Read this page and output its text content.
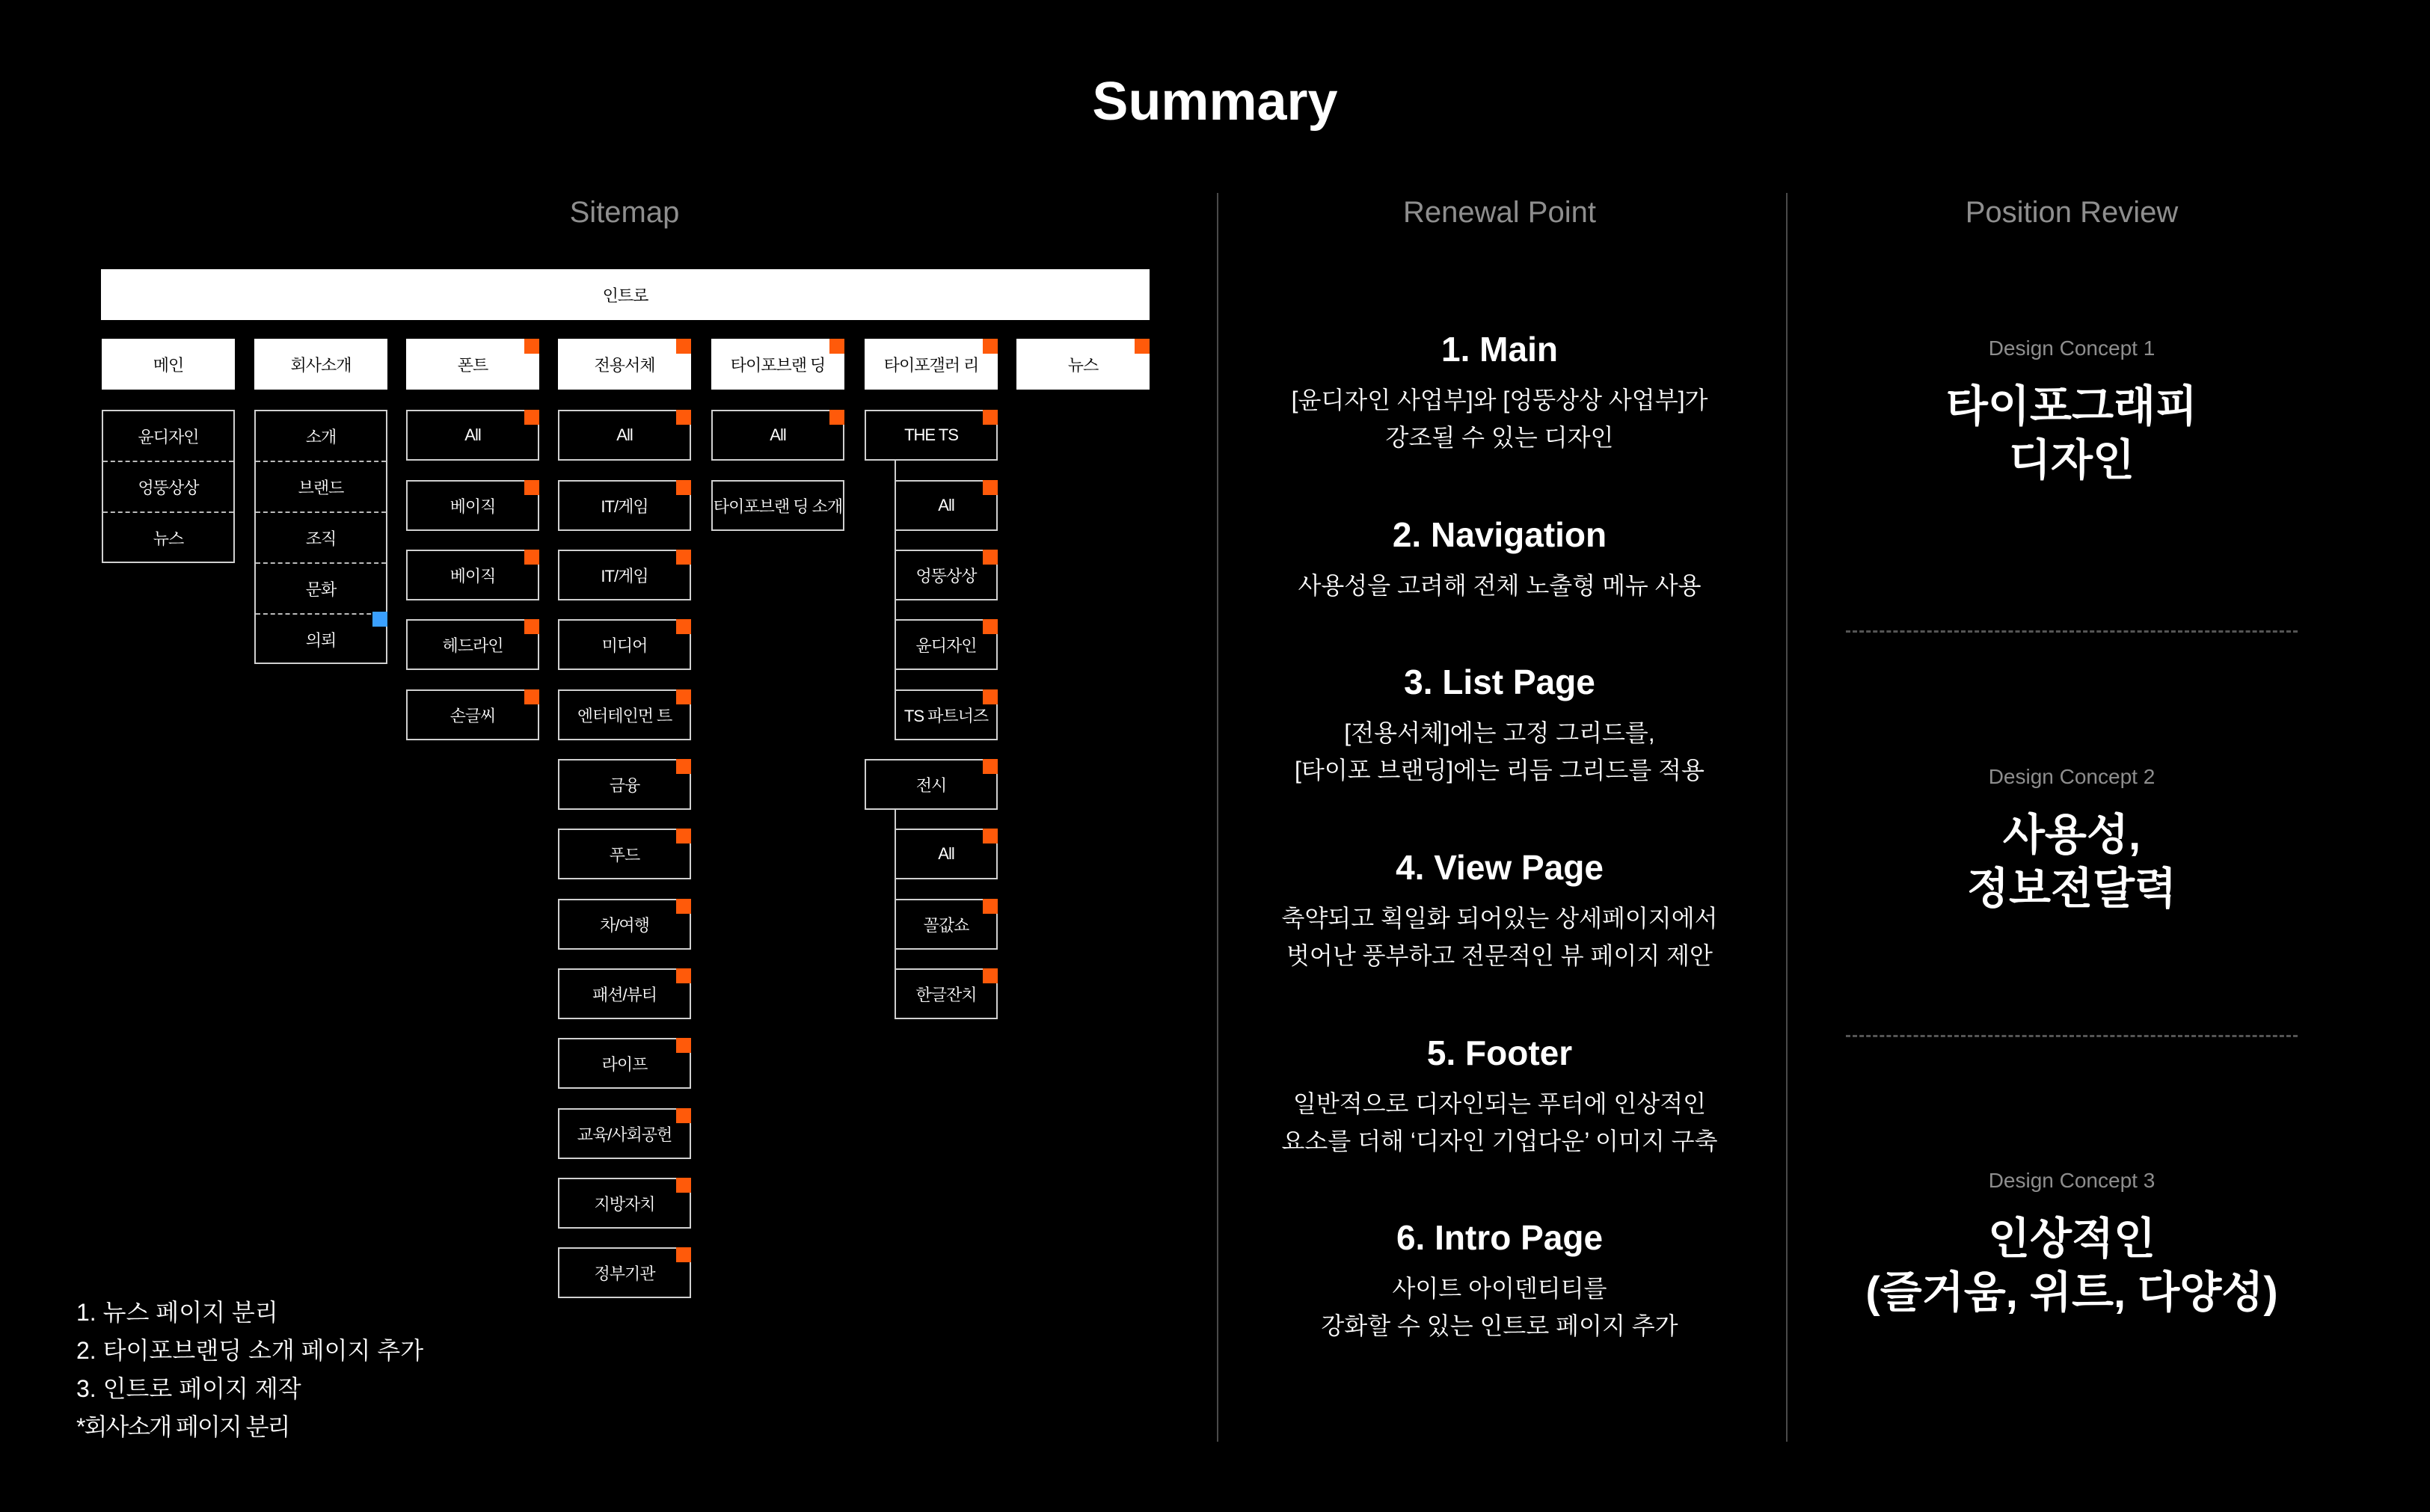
Summary
Sitemap	Renewal Point	Position Review
인트로
메인	회사소개	폰트	전용서체	타이포브랜 딩	타이포갤러 리	뉴스
윤디자인
엉뚱상상
뉴스
소개
브랜드
조직
문화
의뢰
All
베이직
베이직
헤드라인
손글씨
All
IT/게임
IT/게임
미디어
엔터테인먼 트
금융
푸드
차/여행
패션/뷰티
라이프
교육/사회공헌
지방자치
정부기관
All
타이포브랜 딩 소개
THE TS
All
엉뚱상상
윤디자인
TS 파트너즈
전시
All
꼴값쇼
한글잔치
1. 뉴스 페이지 분리
2. 타이포브랜딩 소개 페이지 추가
3. 인트로 페이지 제작
*회사소개 페이지 분리
1. Main
[윤디자인 사업부]와 [엉뚱상상 사업부]가
강조될 수 있는 디자인
2. Navigation
사용성을 고려해 전체 노출형 메뉴 사용
3. List Page
[전용서체]에는 고정 그리드를,
[타이포 브랜딩]에는 리듬 그리드를 적용
4. View Page
축약되고 획일화 되어있는 상세페이지에서
벗어난 풍부하고 전문적인 뷰 페이지 제안
5. Footer
일반적으로 디자인되는 푸터에 인상적인
요소를 더해 ‘디자인 기업다운’ 이미지 구축
6. Intro Page
사이트 아이덴티티를
강화할 수 있는 인트로 페이지 추가
Design Concept 1
타이포그래피
디자인
Design Concept 2
사용성,
정보전달력
Design Concept 3
인상적인
(즐거움, 위트, 다양성)
